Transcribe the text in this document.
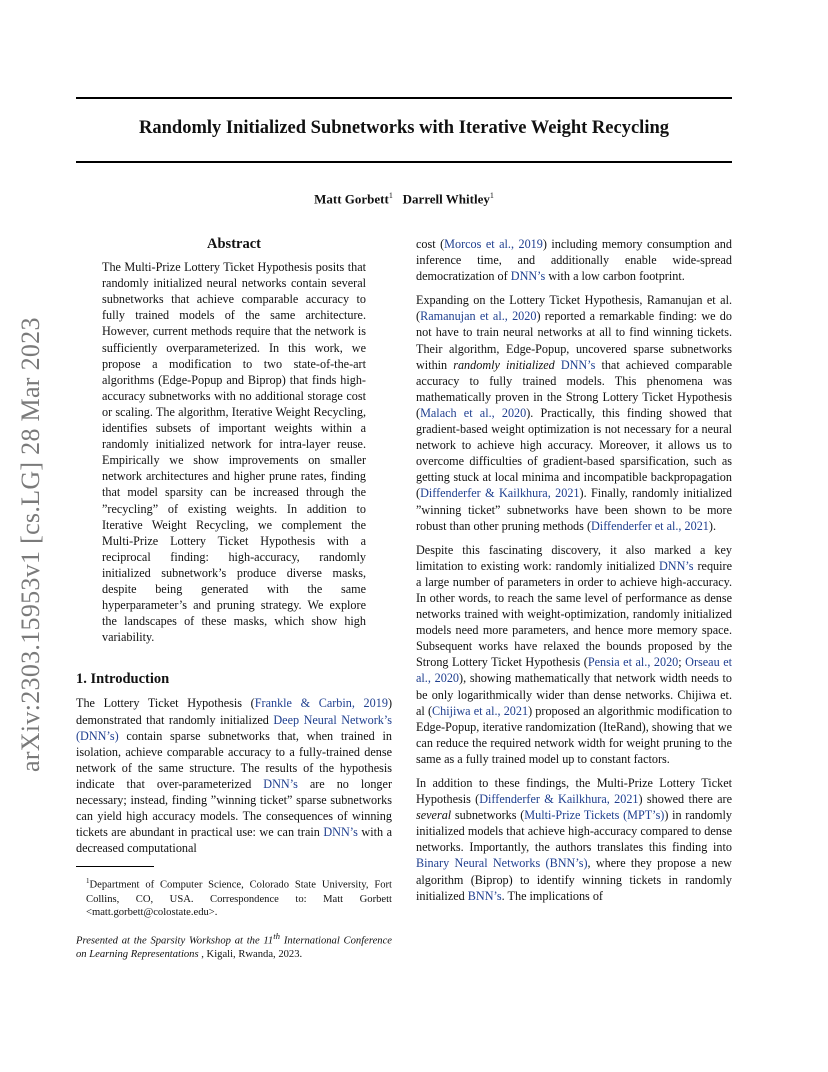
Randomly Initialized Subnetworks with Iterative Weight Recycling
Matt Gorbett$^1$ Darrell Whitley$^1$
arXiv:2303.15953v1 [cs.LG] 28 Mar 2023
Abstract
The Multi-Prize Lottery Ticket Hypothesis posits that randomly initialized neural networks contain several subnetworks that achieve comparable accuracy to fully trained models of the same architecture. However, current methods require that the network is sufficiently overparameterized. In this work, we propose a modification to two state-of-the-art algorithms (Edge-Popup and Biprop) that finds high-accuracy subnetworks with no additional storage cost or scaling. The algorithm, Iterative Weight Recycling, identifies subsets of important weights within a randomly initialized network for intra-layer reuse. Empirically we show improvements on smaller network architectures and higher prune rates, finding that model sparsity can be increased through the ”recycling” of existing weights. In addition to Iterative Weight Recycling, we complement the Multi-Prize Lottery Ticket Hypothesis with a reciprocal finding: high-accuracy, randomly initialized subnetwork’s produce diverse masks, despite being generated with the same hyperparameter’s and pruning strategy. We explore the landscapes of these masks, which show high variability.
1. Introduction

The Lottery Ticket Hypothesis (Frankle & Carbin, 2019) demonstrated that randomly initialized Deep Neural Network’s (DNN’s) contain sparse subnetworks that, when trained in isolation, achieve comparable accuracy to a fully-trained dense network of the same structure. The results of the hypothesis indicate that over-parameterized DNN’s are no longer necessary; instead, finding ”winning ticket” sparse subnetworks can yield high accuracy models. The consequences of winning tickets are abundant in practical use: we can train DNN’s with a decreased computational

$^1$Department of Computer Science, Colorado State University, Fort Collins, CO, USA. Correspondence to: Matt Gorbett <matt.gorbett@colostate.edu>.
Presented at the Sparsity Workshop at the 11th International Conference on Learning Representations , Kigali, Rwanda, 2023.

cost (Morcos et al., 2019) including memory consumption and inference time, and additionally enable wide-spread democratization of DNN’s with a low carbon footprint.

Expanding on the Lottery Ticket Hypothesis, Ramanujan et al. (Ramanujan et al., 2020) reported a remarkable finding: we do not have to train neural networks at all to find winning tickets. Their algorithm, Edge-Popup, uncovered sparse subnetworks within randomly initialized DNN’s that achieved comparable accuracy to fully trained models. This phenomena was mathematically proven in the Strong Lottery Ticket Hypothesis (Malach et al., 2020). Practically, this finding showed that gradient-based weight optimization is not necessary for a neural network to achieve high accuracy. Moreover, it allows us to overcome difficulties of gradient-based sparsification, such as getting stuck at local minima and incompatible backpropagation (Diffenderfer & Kailkhura, 2021). Finally, randomly initialized ”winning ticket” subnetworks have been shown to be more robust than other pruning methods (Diffenderfer et al., 2021).

Despite this fascinating discovery, it also marked a key limitation to existing work: randomly initialized DNN’s require a large number of parameters in order to achieve high-accuracy. In other words, to reach the same level of performance as dense networks trained with weight-optimization, randomly initialized models need more parameters, and hence more memory space. Subsequent works have relaxed the bounds proposed by the Strong Lottery Ticket Hypothesis (Pensia et al., 2020; Orseau et al., 2020), showing mathematically that network width needs to be only logarithmically wider than dense networks. Chijiwa et. al (Chijiwa et al., 2021) proposed an algorithmic modification to Edge-Popup, iterative randomization (IteRand), showing that we can reduce the required network width for weight pruning to the same as a fully trained model up to constant factors.

In addition to these findings, the Multi-Prize Lottery Ticket Hypothesis (Diffenderfer & Kailkhura, 2021) showed there are several subnetworks (Multi-Prize Tickets (MPT’s)) in randomly initialized models that achieve high-accuracy compared to dense networks. Importantly, the authors translates this finding into Binary Neural Networks (BNN’s), where they propose a new algorithm (Biprop) to identify winning tickets in randomly initialized BNN’s. The implications of
